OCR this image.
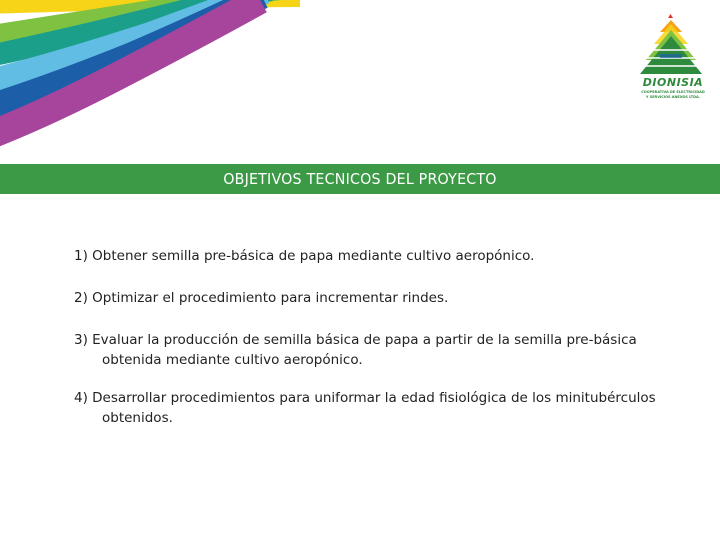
DIONISIA
COOPERATIVA DE ELECTRICIDAD
Y SERVICIOS ANEXOS LTDA.
OBJETIVOS TECNICOS DEL PROYECTO

1) Obtener semilla pre-básica de papa mediante cultivo aeropónico.

2) Optimizar el procedimiento para incrementar rindes.

3) Evaluar la producción de semilla básica de papa a partir de la semilla pre-básica obtenida mediante cultivo aeropónico.

4) Desarrollar procedimientos para uniformar la edad fisiológica de los minitubérculos obtenidos.
